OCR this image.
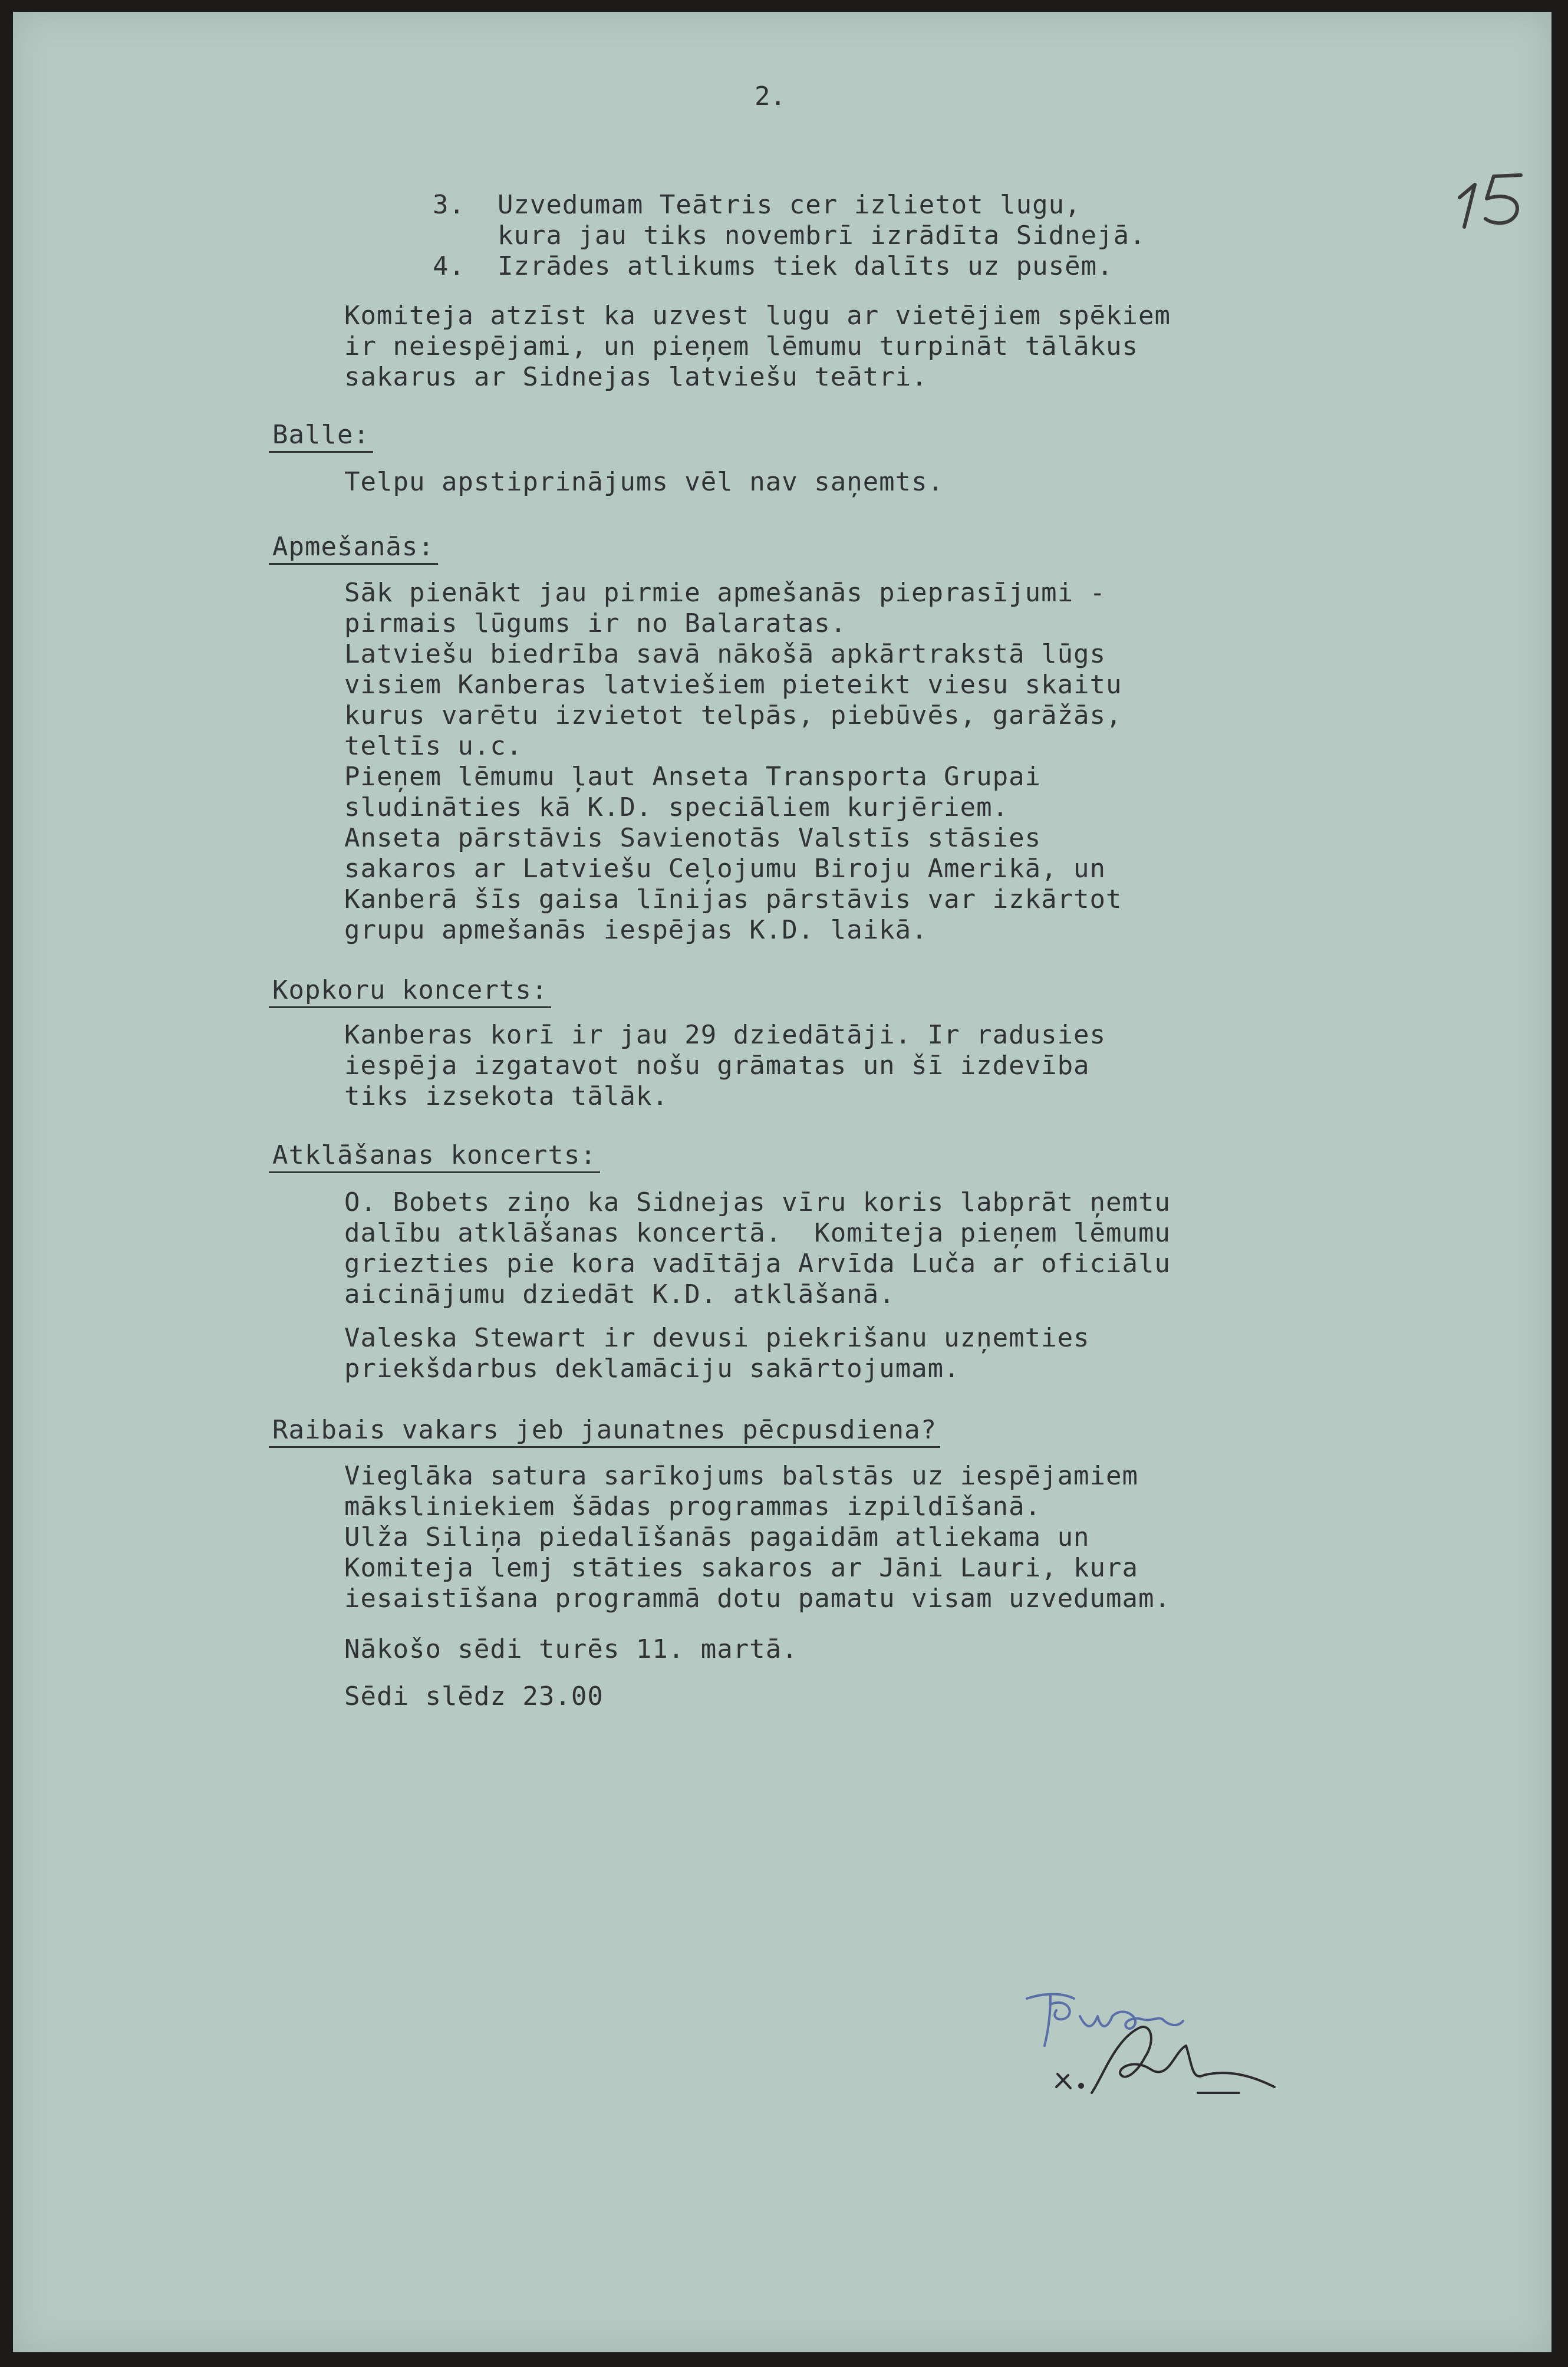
2.
3.  Uzvedumam Teātris cer izlietot lugu,
kura jau tiks novembrī izrādīta Sidnejā.
4.  Izrādes atlikums tiek dalīts uz pusēm.
Komiteja atzīst ka uzvest lugu ar vietējiem spēkiem
ir neiespējami, un pieņem lēmumu turpināt tālākus
sakarus ar Sidnejas latviešu teātri.
Balle:
Telpu apstiprinājums vēl nav saņemts.
Apmešanās:
Sāk pienākt jau pirmie apmešanās pieprasījumi -
pirmais lūgums ir no Balaratas.
Latviešu biedrība savā nākošā apkārtrakstā lūgs
visiem Kanberas latviešiem pieteikt viesu skaitu
kurus varētu izvietot telpās, piebūvēs, garāžās,
teltīs u.c.
Pieņem lēmumu ļaut Anseta Transporta Grupai
sludināties kā K.D. speciāliem kurjēriem.
Anseta pārstāvis Savienotās Valstīs stāsies
sakaros ar Latviešu Ceļojumu Biroju Amerikā, un
Kanberā šīs gaisa līnijas pārstāvis var izkārtot
grupu apmešanās iespējas K.D. laikā.
Kopkoru koncerts:
Kanberas korī ir jau 29 dziedātāji. Ir radusies
iespēja izgatavot nošu grāmatas un šī izdevība
tiks izsekota tālāk.
Atklāšanas koncerts:
O. Bobets ziņo ka Sidnejas vīru koris labprāt ņemtu
dalību atklāšanas koncertā.  Komiteja pieņem lēmumu
griezties pie kora vadītāja Arvīda Luča ar oficiālu
aicinājumu dziedāt K.D. atklāšanā.
Valeska Stewart ir devusi piekrišanu uzņemties
priekšdarbus deklamāciju sakārtojumam.
Raibais vakars jeb jaunatnes pēcpusdiena?
Vieglāka satura sarīkojums balstās uz iespējamiem
māksliniekiem šādas programmas izpildīšanā.
Ulža Siliņa piedalīšanās pagaidām atliekama un
Komiteja lemj stāties sakaros ar Jāni Lauri, kura
iesaistīšana programmā dotu pamatu visam uzvedumam.
Nākošo sēdi turēs 11. martā.
Sēdi slēdz 23.00
